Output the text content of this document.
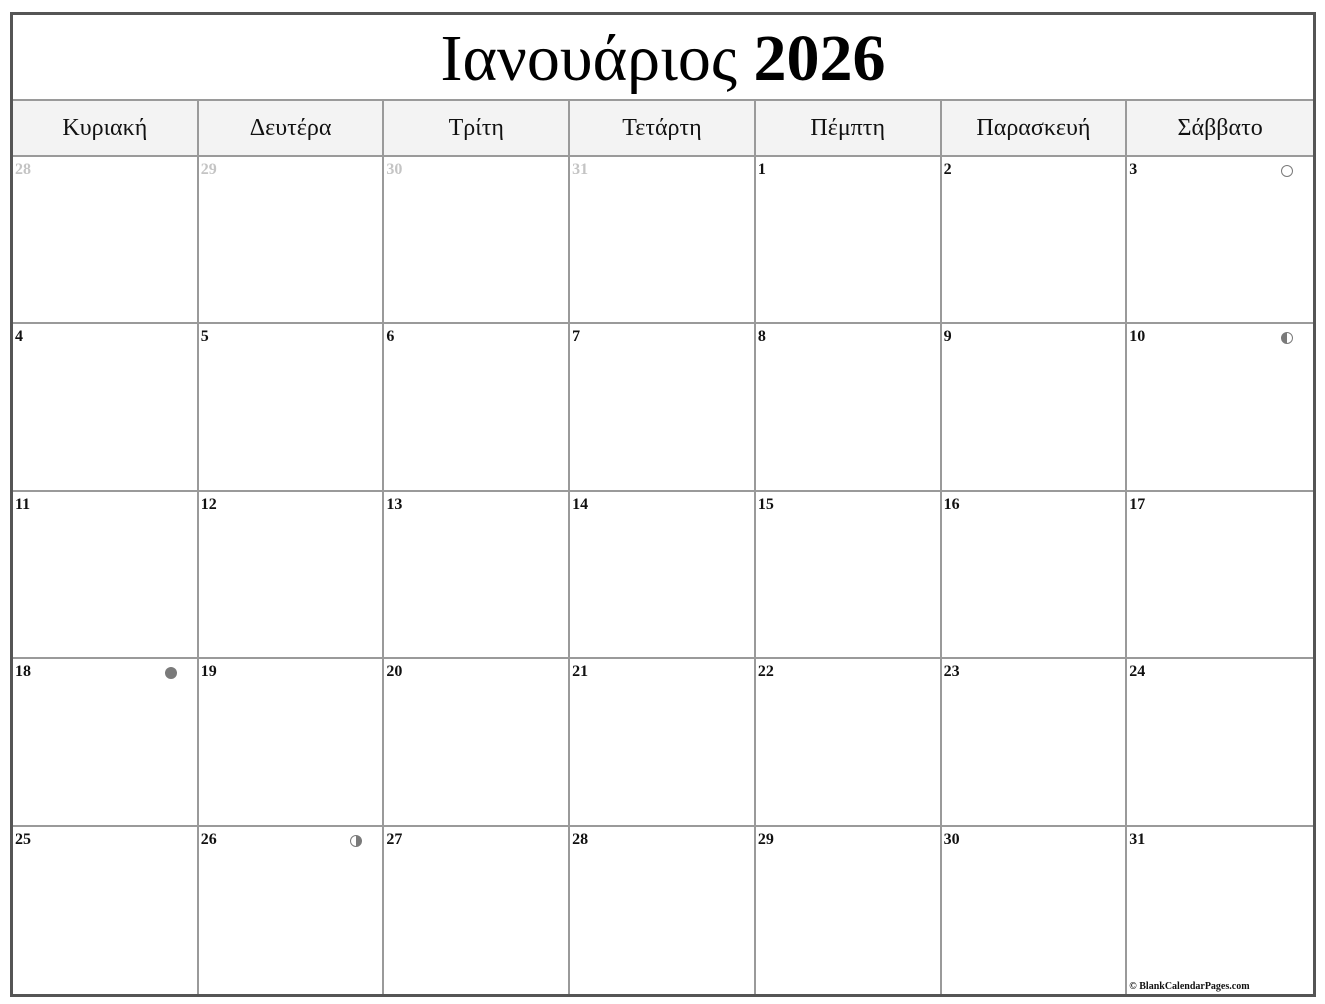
Ιανουάριος 2026
Κυριακή	Δευτέρα	Τρίτη	Τετάρτη	Πέμπτη	Παρασκευή	Σάββατο
28	29	30	31	1	2	3
4	5	6	7	8	9	10
11	12	13	14	15	16	17
18	19	20	21	22	23	24
25	26	27	28	29	30	31
© BlankCalendarPages.com
